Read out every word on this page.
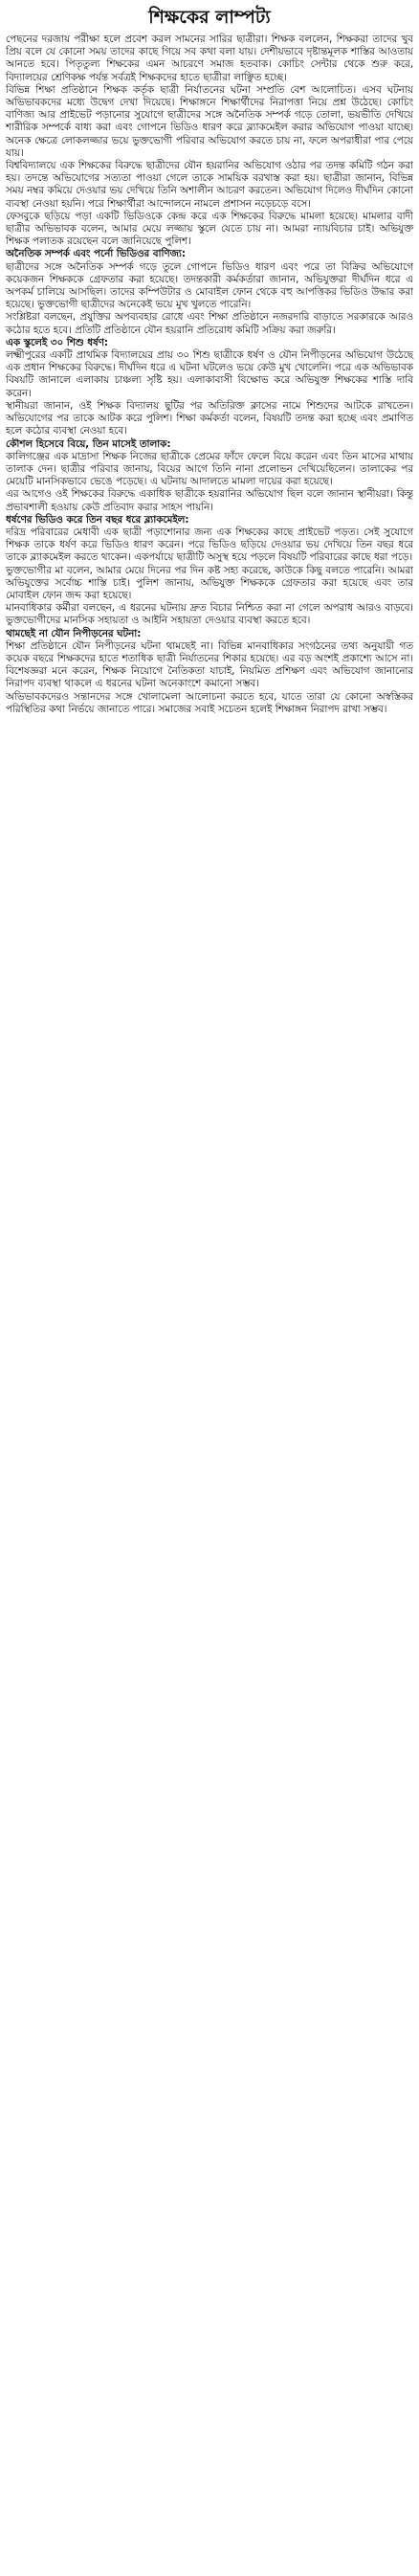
শিক্ষকের লাম্পট্য

পেছনের দরজায় পরীক্ষা হলে প্রবেশ করল সামনের সারির ছাত্রীরা। শিক্ষক বললেন, শিক্ষকরা তাদের খুব প্রিয় বলে যে কোনো সময় তাদের কাছে গিয়ে সব কথা বলা যায়। দেশীয়ভাবে দৃষ্টান্তমূলক শাস্তির আওতায় আনতে হবে। পিতৃতুল্য শিক্ষকের এমন আচরণে সমাজ হতবাক। কোচিং সেন্টার থেকে শুরু করে, বিদ্যালয়ের শ্রেণিকক্ষ পর্যন্ত সর্বত্রই শিক্ষকদের হাতে ছাত্রীরা লাঞ্ছিত হচ্ছে।

বিভিন্ন শিক্ষা প্রতিষ্ঠানে শিক্ষক কর্তৃক ছাত্রী নির্যাতনের ঘটনা সম্প্রতি বেশ আলোচিত। এসব ঘটনায় অভিভাবকদের মধ্যে উদ্বেগ দেখা দিয়েছে। শিক্ষাঙ্গনে শিক্ষার্থীদের নিরাপত্তা নিয়ে প্রশ্ন উঠেছে। কোচিং বাণিজ্য আর প্রাইভেট পড়ানোর সুযোগে ছাত্রীদের সঙ্গে অনৈতিক সম্পর্ক গড়ে তোলা, ভয়ভীতি দেখিয়ে শারীরিক সম্পর্কে বাধ্য করা এবং গোপনে ভিডিও ধারণ করে ব্ল্যাকমেইল করার অভিযোগ পাওয়া যাচ্ছে। অনেক ক্ষেত্রে লোকলজ্জার ভয়ে ভুক্তভোগী পরিবার অভিযোগ করতে চায় না, ফলে অপরাধীরা পার পেয়ে যায়।

বিশ্ববিদ্যালয়ে এক শিক্ষকের বিরুদ্ধে ছাত্রীদের যৌন হয়রানির অভিযোগ ওঠার পর তদন্ত কমিটি গঠন করা হয়। তদন্তে অভিযোগের সত্যতা পাওয়া গেলে তাকে সাময়িক বরখাস্ত করা হয়। ছাত্রীরা জানান, বিভিন্ন সময় নম্বর কমিয়ে দেওয়ার ভয় দেখিয়ে তিনি অশালীন আচরণ করতেন। অভিযোগ দিলেও দীর্ঘদিন কোনো ব্যবস্থা নেওয়া হয়নি। পরে শিক্ষার্থীরা আন্দোলনে নামলে প্রশাসন নড়েচড়ে বসে।

ফেসবুকে ছড়িয়ে পড়া একটি ভিডিওকে কেন্দ্র করে এক শিক্ষকের বিরুদ্ধে মামলা হয়েছে। মামলার বাদী ছাত্রীর অভিভাবক বলেন, আমার মেয়ে লজ্জায় স্কুলে যেতে চায় না। আমরা ন্যায়বিচার চাই। অভিযুক্ত শিক্ষক পলাতক রয়েছেন বলে জানিয়েছে পুলিশ।

অনৈতিক সম্পর্ক এবং পর্নো ভিডিওর বাণিজ্য:

ছাত্রীদের সঙ্গে অনৈতিক সম্পর্ক গড়ে তুলে গোপনে ভিডিও ধারণ এবং পরে তা বিক্রির অভিযোগে কয়েকজন শিক্ষককে গ্রেফতার করা হয়েছে। তদন্তকারী কর্মকর্তারা জানান, অভিযুক্তরা দীর্ঘদিন ধরে এ অপকর্ম চালিয়ে আসছিল। তাদের কম্পিউটার ও মোবাইল ফোন থেকে বহু আপত্তিকর ভিডিও উদ্ধার করা হয়েছে। ভুক্তভোগী ছাত্রীদের অনেকেই ভয়ে মুখ খুলতে পারেনি।

সংশ্লিষ্টরা বলছেন, প্রযুক্তির অপব্যবহার রোধে এবং শিক্ষা প্রতিষ্ঠানে নজরদারি বাড়াতে সরকারকে আরও কঠোর হতে হবে। প্রতিটি প্রতিষ্ঠানে যৌন হয়রানি প্রতিরোধ কমিটি সক্রিয় করা জরুরি।

এক স্কুলেই ৩০ শিশু ধর্ষণ:

লক্ষ্মীপুরের একটি প্রাথমিক বিদ্যালয়ের প্রায় ৩০ শিশু ছাত্রীকে ধর্ষণ ও যৌন নিপীড়নের অভিযোগ উঠেছে এক প্রধান শিক্ষকের বিরুদ্ধে। দীর্ঘদিন ধরে এ ঘটনা ঘটলেও ভয়ে কেউ মুখ খোলেনি। পরে এক অভিভাবক বিষয়টি জানালে এলাকায় চাঞ্চল্য সৃষ্টি হয়। এলাকাবাসী বিক্ষোভ করে অভিযুক্ত শিক্ষকের শাস্তি দাবি করেন।

স্থানীয়রা জানান, ওই শিক্ষক বিদ্যালয় ছুটির পর অতিরিক্ত ক্লাসের নামে শিশুদের আটকে রাখতেন। অভিযোগের পর তাকে আটক করে পুলিশ। শিক্ষা কর্মকর্তা বলেন, বিষয়টি তদন্ত করা হচ্ছে এবং প্রমাণিত হলে কঠোর ব্যবস্থা নেওয়া হবে।

কৌশল হিসেবে বিয়ে, তিন মাসেই তালাক:

কালিগঞ্জের এক মাদ্রাসা শিক্ষক নিজের ছাত্রীকে প্রেমের ফাঁদে ফেলে বিয়ে করেন এবং তিন মাসের মাথায় তালাক দেন। ছাত্রীর পরিবার জানায়, বিয়ের আগে তিনি নানা প্রলোভন দেখিয়েছিলেন। তালাকের পর মেয়েটি মানসিকভাবে ভেঙে পড়েছে। এ ঘটনায় আদালতে মামলা দায়ের করা হয়েছে।

এর আগেও ওই শিক্ষকের বিরুদ্ধে একাধিক ছাত্রীকে হয়রানির অভিযোগ ছিল বলে জানান স্থানীয়রা। কিন্তু প্রভাবশালী হওয়ায় কেউ প্রতিবাদ করার সাহস পায়নি।

ধর্ষণের ভিডিও করে তিন বছর ধরে ব্ল্যাকমেইল:

দরিদ্র পরিবারের মেধাবী এক ছাত্রী পড়াশোনার জন্য এক শিক্ষকের কাছে প্রাইভেট পড়ত। সেই সুযোগে শিক্ষক তাকে ধর্ষণ করে ভিডিও ধারণ করেন। পরে ভিডিও ছড়িয়ে দেওয়ার ভয় দেখিয়ে তিন বছর ধরে তাকে ব্ল্যাকমেইল করতে থাকেন। একপর্যায়ে ছাত্রীটি অসুস্থ হয়ে পড়লে বিষয়টি পরিবারের কাছে ধরা পড়ে।

ভুক্তভোগীর মা বলেন, আমার মেয়ে দিনের পর দিন কষ্ট সহ্য করেছে, কাউকে কিছু বলতে পারেনি। আমরা অভিযুক্তের সর্বোচ্চ শাস্তি চাই। পুলিশ জানায়, অভিযুক্ত শিক্ষককে গ্রেফতার করা হয়েছে এবং তার মোবাইল ফোন জব্দ করা হয়েছে।

মানবাধিকার কর্মীরা বলছেন, এ ধরনের ঘটনায় দ্রুত বিচার নিশ্চিত করা না গেলে অপরাধ আরও বাড়বে। ভুক্তভোগীদের মানসিক সহায়তা ও আইনি সহায়তা দেওয়ার ব্যবস্থা করতে হবে।

থামছেই না যৌন নিপীড়নের ঘটনা:

শিক্ষা প্রতিষ্ঠানে যৌন নিপীড়নের ঘটনা থামছেই না। বিভিন্ন মানবাধিকার সংগঠনের তথ্য অনুযায়ী গত কয়েক বছরে শিক্ষকদের হাতে শতাধিক ছাত্রী নির্যাতনের শিকার হয়েছে। এর বড় অংশই প্রকাশ্যে আসে না। বিশেষজ্ঞরা মনে করেন, শিক্ষক নিয়োগে নৈতিকতা যাচাই, নিয়মিত প্রশিক্ষণ এবং অভিযোগ জানানোর নিরাপদ ব্যবস্থা থাকলে এ ধরনের ঘটনা অনেকাংশে কমানো সম্ভব।

অভিভাবকদেরও সন্তানদের সঙ্গে খোলামেলা আলোচনা করতে হবে, যাতে তারা যে কোনো অস্বস্তিকর পরিস্থিতির কথা নির্ভয়ে জানাতে পারে। সমাজের সবাই সচেতন হলেই শিক্ষাঙ্গন নিরাপদ রাখা সম্ভব।
